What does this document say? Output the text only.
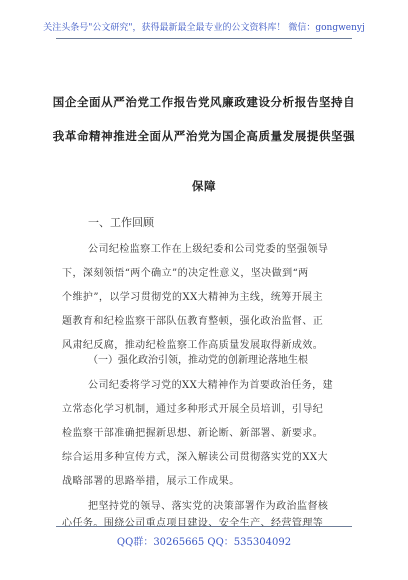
关注头条号"公文研究"，获得最新最全最专业的公文资料库！ 微信：gongwenyj
国企全面从严治党工作报告党风廉政建设分析报告坚持自
我革命精神推进全面从严治党为国企高质量发展提供坚强
保障
一、工作回顾
公司纪检监察工作在上级纪委和公司党委的坚强领导
下，深刻领悟“两个确立”的决定性意义，坚决做到“两
个维护”，以学习贯彻党的XX大精神为主线，统筹开展主
题教育和纪检监察干部队伍教育整顿，强化政治监督、正
风肃纪反腐，推动纪检监察工作高质量发展取得新成效。
（一）强化政治引领，推动党的创新理论落地生根
公司纪委将学习党的XX大精神作为首要政治任务，建
立常态化学习机制，通过多种形式开展全员培训，引导纪
检监察干部准确把握新思想、新论断、新部署、新要求。
综合运用多种宣传方式，深入解读公司贯彻落实党的XX大
战略部署的思路举措，展示工作成果。
把坚持党的领导、落实党的决策部署作为政治监督核
心任务。围绕公司重点项目建设、安全生产、经营管理等
QQ群：30265665 QQ：535304092
